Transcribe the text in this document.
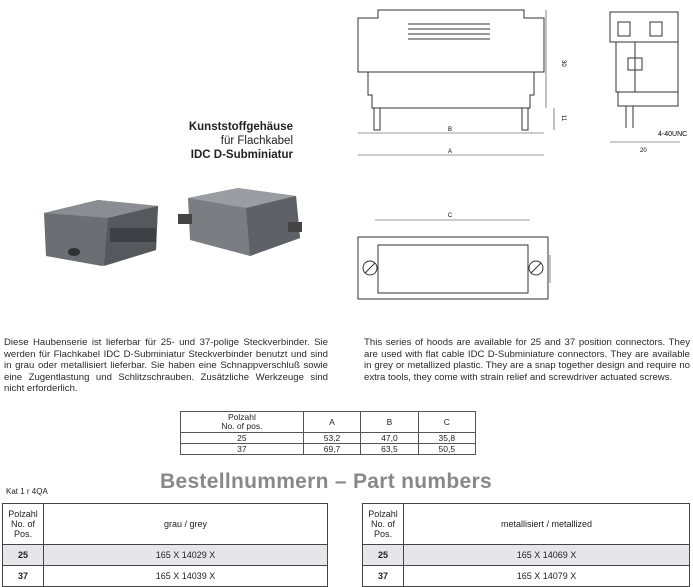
B
A
30
11
4-40UNC
20
C
Kunststoffgehäuse
für Flachkabel
IDC D-Subminiatur
Diese Haubenserie ist lieferbar für 25- und 37-polige Steckverbinder. Sie werden für Flachkabel IDC D-Subminiatur Steckverbinder benutzt und sind in grau oder metallisiert lieferbar. Sie haben eine Schnappverschluß sowie eine Zugentlastung und Schlitzschrauben. Zusätzliche Werkzeuge sind nicht erforderlich.
This series of hoods are available for 25 and 37 position connectors. They are used with flat cable IDC D-Subminiature connectors. They are available in grey or metallized plastic. They are a snap together design and require no extra tools, they come with strain relief and screwdriver actuated screws.
Polzahl
No. of pos.	A	B	C
25	53,2	47,0	35,8
37	69,7	63,5	50,5
Kat 1 r 4QA	Bestellnummern – Part numbers
Polzahl
No. of
Pos.	grau / grey
25	165 X 14029 X
37	165 X 14039 X
Polzahl
No. of
Pos.	metallisiert / metallized
25	165 X 14069 X
37	165 X 14079 X
